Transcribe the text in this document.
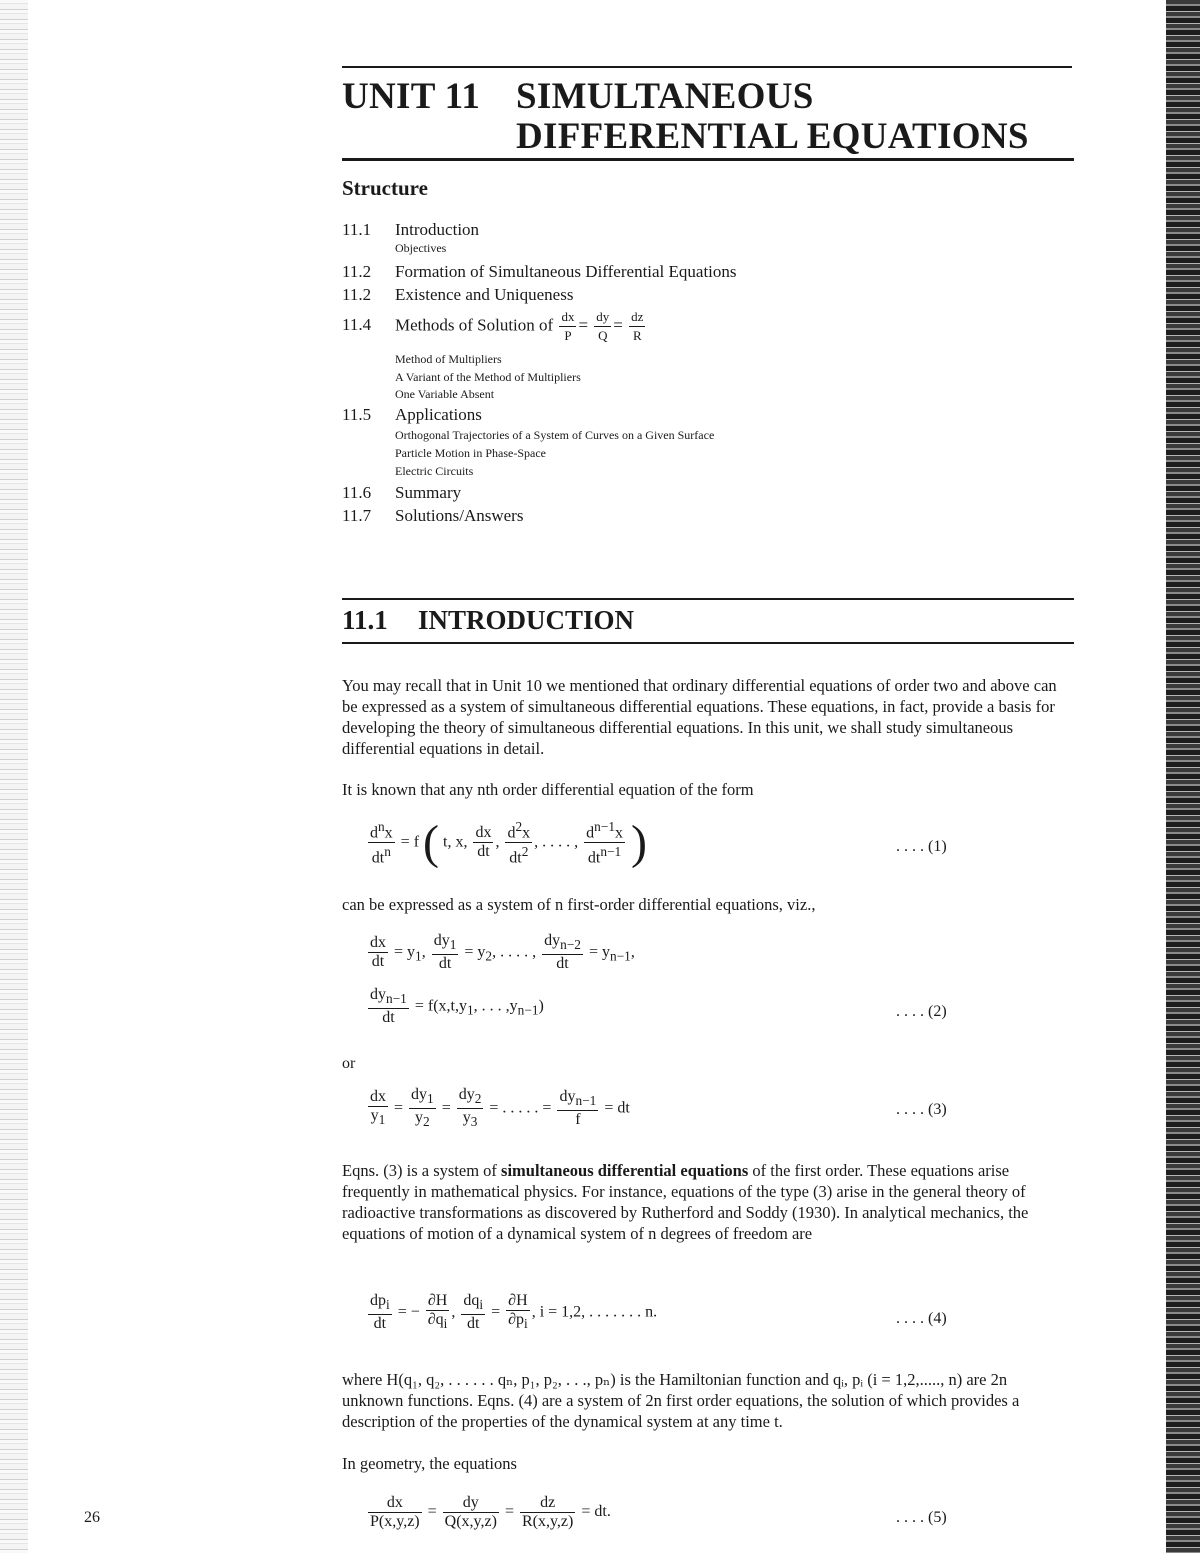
UNIT 11 SIMULTANEOUS
DIFFERENTIAL EQUATIONS
Structure
11.1 Introduction
Objectives
11.2 Formation of Simultaneous Differential Equations
11.2 Existence and Uniqueness
11.4 Methods of Solution of $\frac{dx}{P} = \frac{dy}{Q} = \frac{dz}{R}$
Method of Multipliers
A Variant of the Method of Multipliers
One Variable Absent
11.5 Applications
Orthogonal Trajectories of a System of Curves on a Given Surface
Particle Motion in Phase-Space
Electric Circuits
11.6 Summary
11.7 Solutions/Answers
11.1 INTRODUCTION

You may recall that in Unit 10 we mentioned that ordinary differential equations of order two and above can be expressed as a system of simultaneous differential equations. These equations, in fact, provide a basis for developing the theory of simultaneous differential equations. In this unit, we shall study simultaneous differential equations in detail.

It is known that any nth order differential equation of the form

$\frac{d^nx}{dt^n} = f$ ( t, x, $\frac{dx}{dt}$ , $\frac{d^2x}{dt^2}$ , . . . . , $\frac{d^{n-1}x}{dt^{n-1}}$ )	. . . . (1)

can be expressed as a system of n first-order differential equations, viz.,

$\frac{dx}{dt} = y_1$, $\frac{dy_1}{dt} = y_2$, . . . . , $\frac{dy_{n-2}}{dt} = y_{n-1}$,
$\frac{dy_{n-1}}{dt} = f(x,t,y_1$, . . . $,y_{n-1}$)	. . . . (2)
or
$\frac{dx}{y_1} = \frac{dy_1}{y_2} = \frac{dy_2}{y_3}$ = . . . . . = $\frac{dy_{n-1}}{f}$ = dt	. . . . (3)

Eqns. (3) is a system of simultaneous differential equations of the first order. These equations arise frequently in mathematical physics. For instance, equations of the type (3) arise in the general theory of radioactive transformations as discovered by Rutherford and Soddy (1930). In analytical mechanics, the equations of motion of a dynamical system of n degrees of freedom are

$\frac{dp_i}{dt}$ = − $\frac{\partial H}{\partial q_i}$ , $\frac{dq_i}{dt} = \frac{\partial H}{\partial p_i}$ , i = 1,2, . . . . . . . n.	. . . . (4)

where H(q₁, q₂, . . . . . . qₙ, p₁, p₂, . . ., pₙ) is the Hamiltonian function and qᵢ, pᵢ (i = 1,2,....., n) are 2n unknown functions. Eqns. (4) are a system of 2n first order equations, the solution of which provides a description of the properties of the dynamical system at any time t.

In geometry, the equations

$\frac{dx}{P(x,y,z)} = \frac{dy}{Q(x,y,z)} = \frac{dz}{R(x,y,z)}$ = dt.	. . . . (5)
26
